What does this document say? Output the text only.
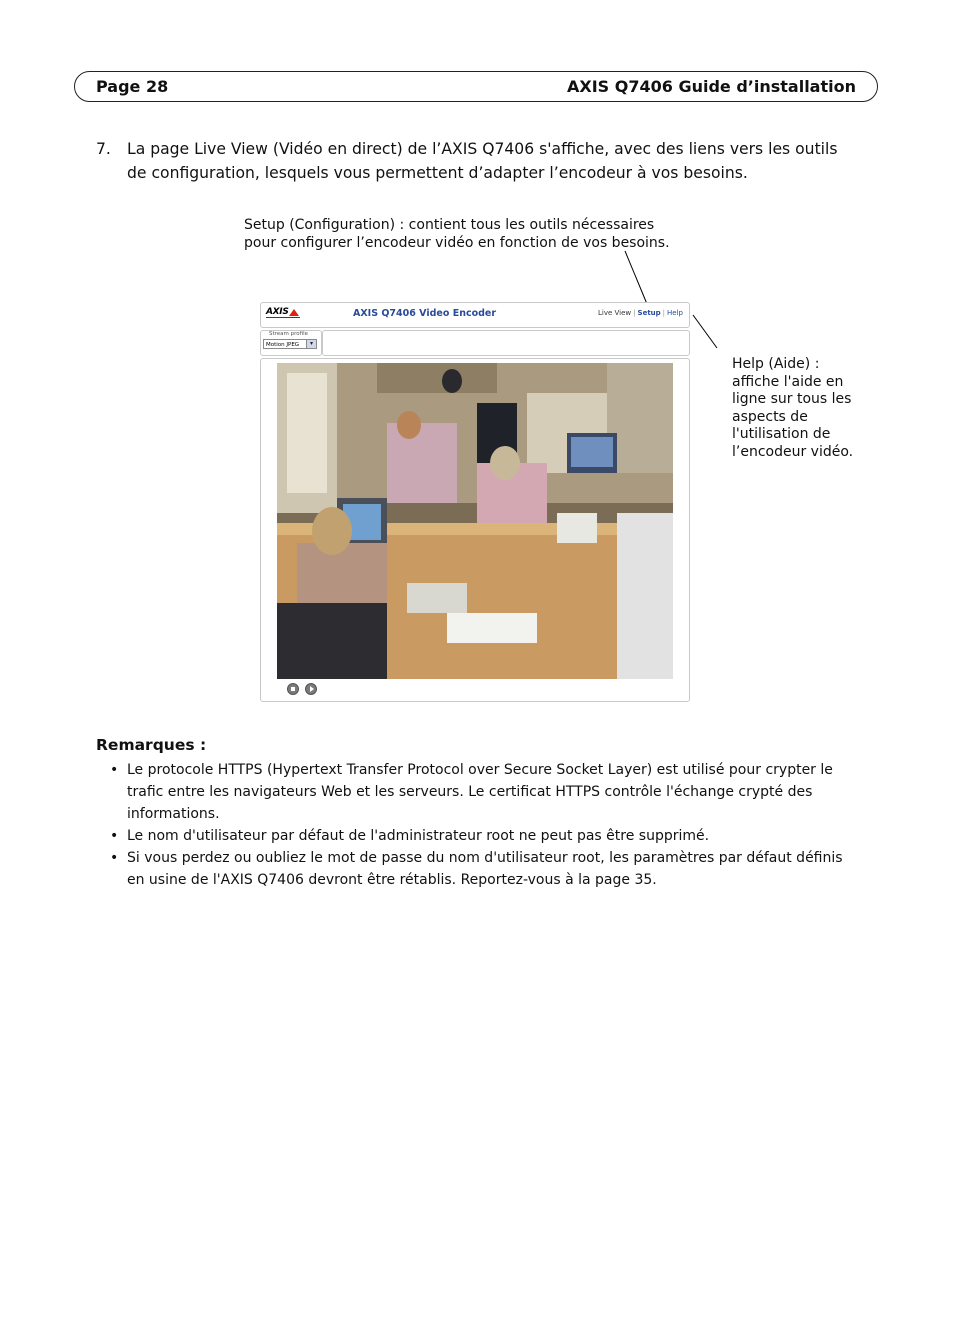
Page 28	AXIS Q7406 Guide d’installation
7. La page Live View (Vidéo en direct) de l’AXIS Q7406 s'affiche, avec des liens vers les outils de configuration, lesquels vous permettent d’adapter l’encodeur à vos besoins.
Setup (Configuration) : contient tous les outils nécessaires pour configurer l’encodeur vidéo en fonction de vos besoins.
Help (Aide) : affiche l'aide en ligne sur tous les aspects de l'utilisation de l’encodeur vidéo.
AXIS	AXIS Q7406 Video Encoder	Live View | Setup | Help
Stream profile
Motion JPEG	▾
Remarques :
• Le protocole HTTPS (Hypertext Transfer Protocol over Secure Socket Layer) est utilisé pour crypter le trafic entre les navigateurs Web et les serveurs. Le certificat HTTPS contrôle l'échange crypté des informations.
• Le nom d'utilisateur par défaut de l'administrateur root ne peut pas être supprimé.
• Si vous perdez ou oubliez le mot de passe du nom d'utilisateur root, les paramètres par défaut définis en usine de l'AXIS Q7406 devront être rétablis. Reportez-vous à la page 35.
